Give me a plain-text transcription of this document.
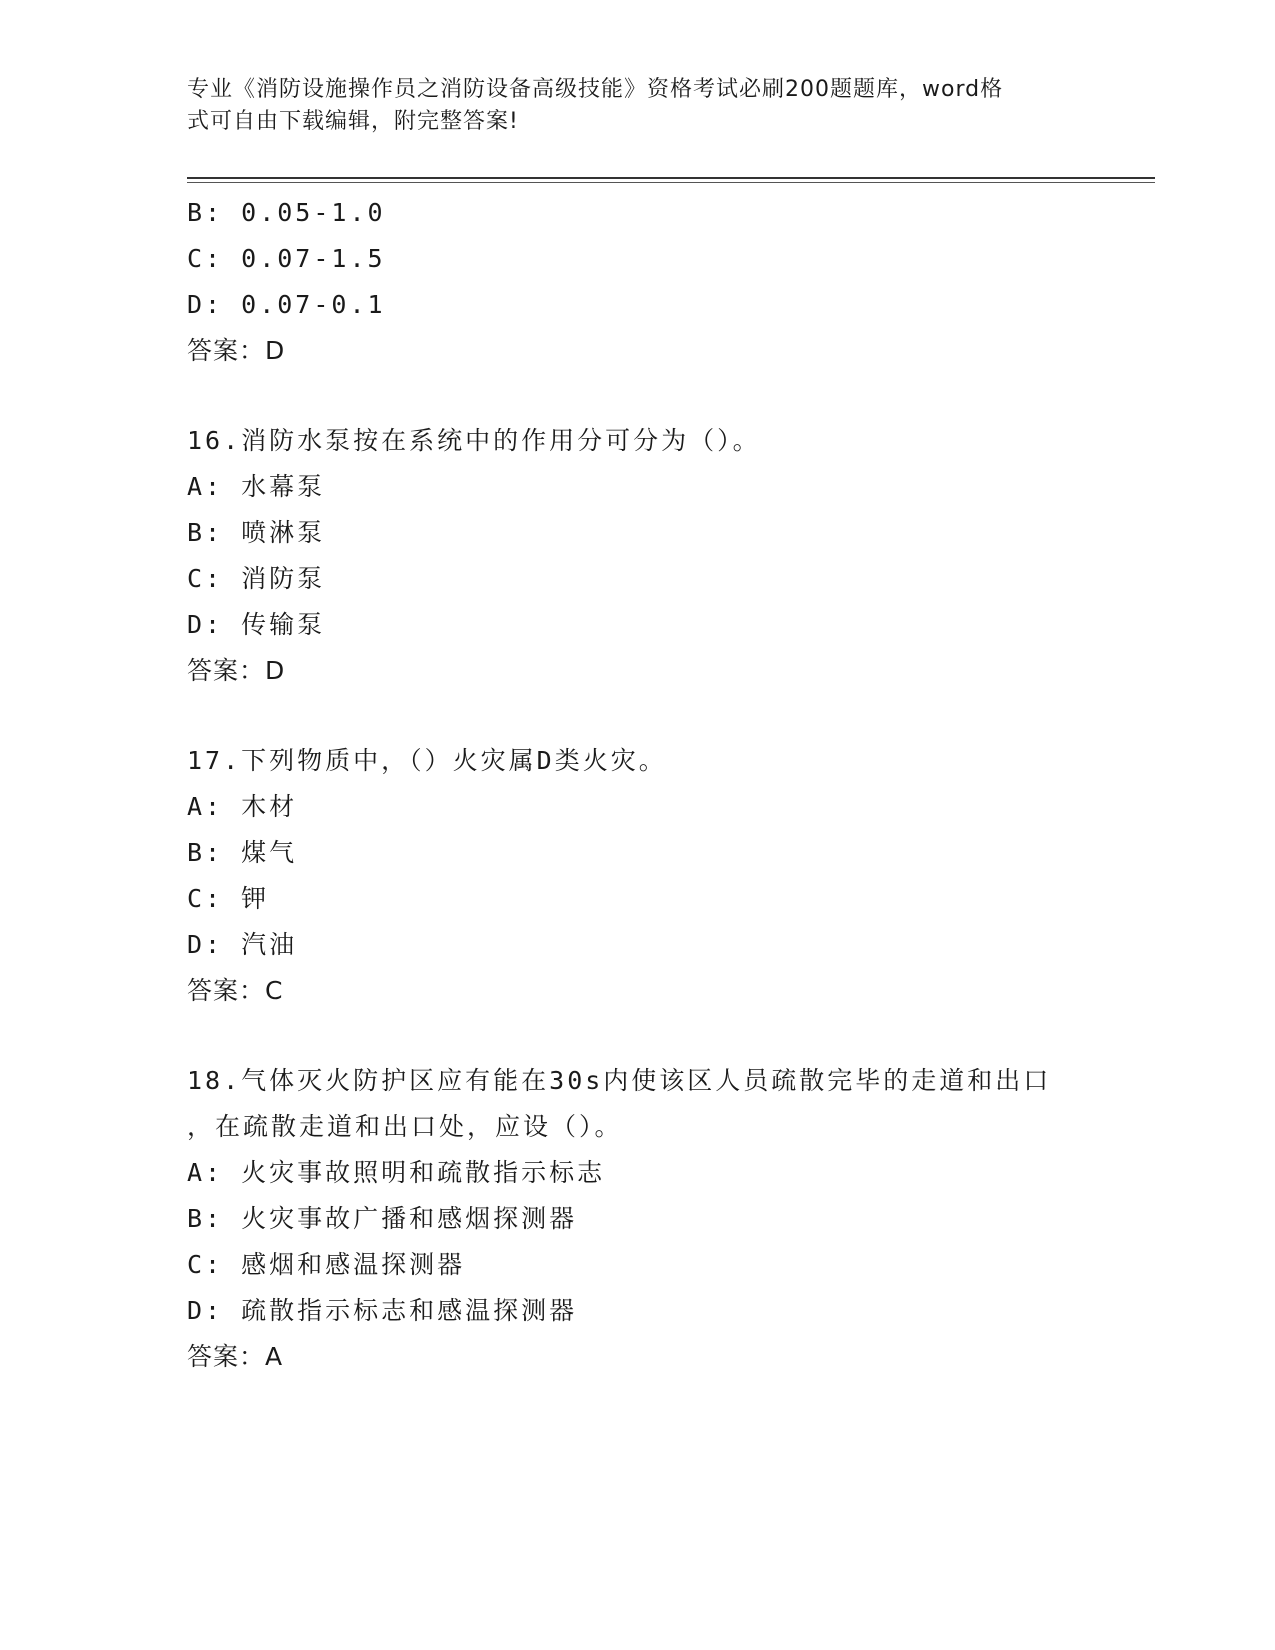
专业《消防设施操作员之消防设备高级技能》资格考试必刷200题题库，word格
式可自由下载编辑，附完整答案!
B: 0.05-1.0
C: 0.07-1.5
D: 0.07-0.1
答案：D
16.消防水泵按在系统中的作用分可分为（）。
A: 水幕泵
B: 喷淋泵
C: 消防泵
D: 传输泵
答案：D
17.下列物质中，（）火灾属D类火灾。
A: 木材
B: 煤气
C: 钾
D: 汽油
答案：C
18.气体灭火防护区应有能在30s内使该区人员疏散完毕的走道和出口
，在疏散走道和出口处，应设（）。
A: 火灾事故照明和疏散指示标志
B: 火灾事故广播和感烟探测器
C: 感烟和感温探测器
D: 疏散指示标志和感温探测器
答案：A
